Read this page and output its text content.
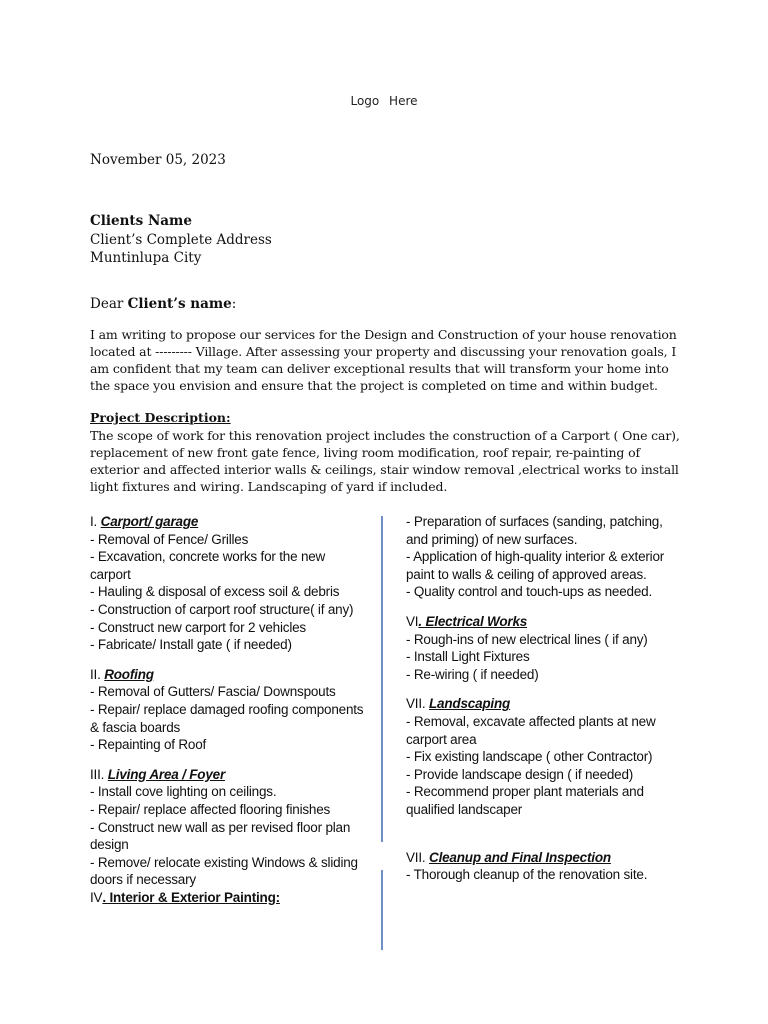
Logo Here
November 05, 2023
Clients Name
Client’s Complete Address
Muntinlupa City
Dear Client’s name:
I am writing to propose our services for the Design and Construction of your house renovation located at --------- Village. After assessing your property and discussing your renovation goals, I am confident that my team can deliver exceptional results that will transform your home into the space you envision and ensure that the project is completed on time and within budget.
Project Description:
The scope of work for this renovation project includes the construction of a Carport ( One car), replacement of new front gate fence, living room modification, roof repair, re-painting of exterior and affected interior walls & ceilings, stair window removal ,electrical works to install light fixtures and wiring. Landscaping of yard if included.
I. Carport/ garage
- Removal of Fence/ Grilles
- Excavation, concrete works for the new carport
- Hauling & disposal of excess soil & debris
- Construction of carport roof structure( if any)
- Construct new carport for 2 vehicles
- Fabricate/ Install gate ( if needed)
II. Roofing
- Removal of Gutters/ Fascia/ Downspouts
- Repair/ replace damaged roofing components & fascia boards
- Repainting of Roof
III. Living Area / Foyer
- Install cove lighting on ceilings.
- Repair/ replace affected flooring finishes
- Construct new wall as per revised floor plan design
- Remove/ relocate existing Windows & sliding doors if necessary
IV. Interior & Exterior Painting:
- Preparation of surfaces (sanding, patching, and priming) of new surfaces.
- Application of high-quality interior & exterior paint to walls & ceiling of approved areas.
- Quality control and touch-ups as needed.
VI. Electrical Works
- Rough-ins of new electrical lines ( if any)
- Install Light Fixtures
- Re-wiring ( if needed)
VII. Landscaping
- Removal, excavate affected plants at new carport area
- Fix existing landscape ( other Contractor)
- Provide landscape design ( if needed)
- Recommend proper plant materials and qualified landscaper
VII. Cleanup and Final Inspection
- Thorough cleanup of the renovation site.
